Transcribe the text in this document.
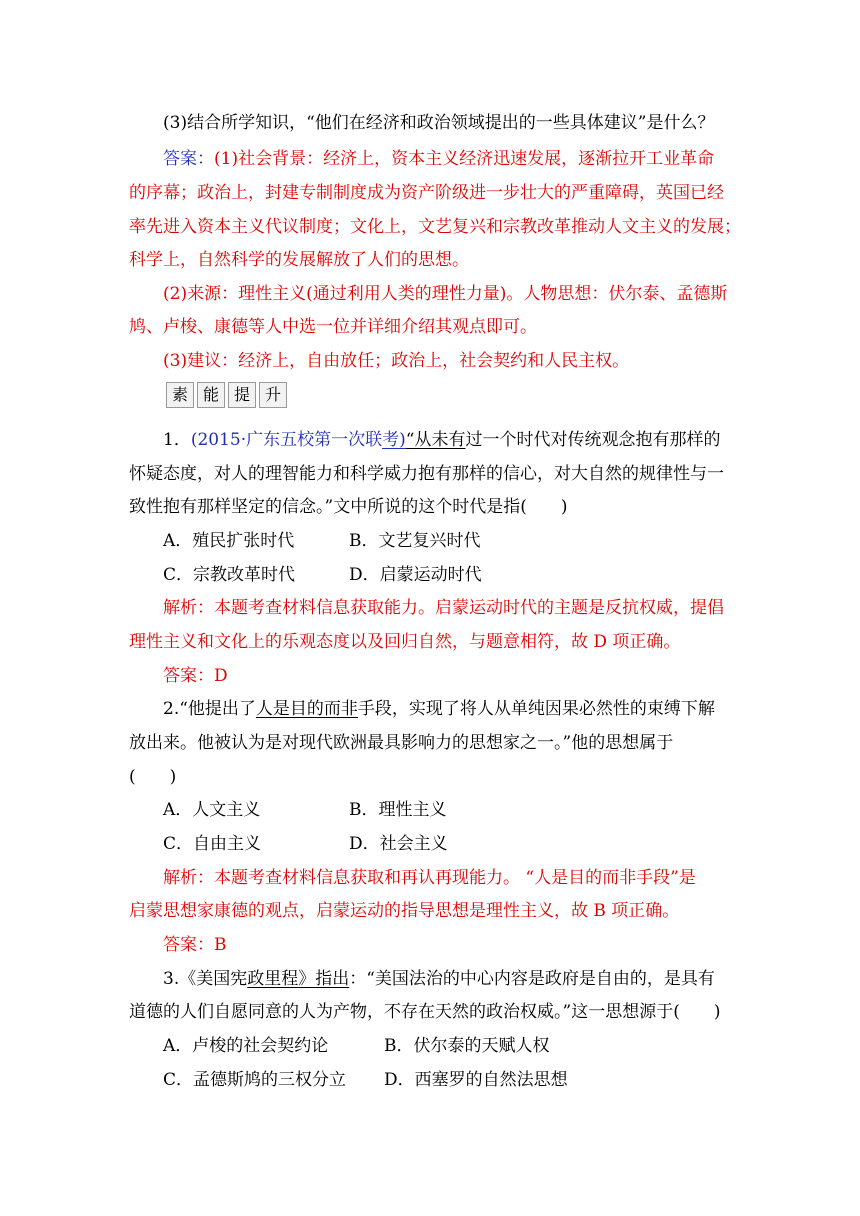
(3)结合所学知识，“他们在经济和政治领域提出的一些具体建议”是什么？
答案：(1)社会背景：经济上，资本主义经济迅速发展，逐渐拉开工业革命
的序幕；政治上，封建专制制度成为资产阶级进一步壮大的严重障碍，英国已经
率先进入资本主义代议制度；文化上，文艺复兴和宗教改革推动人文主义的发展；
科学上，自然科学的发展解放了人们的思想。
(2)来源：理性主义(通过利用人类的理性力量)。人物思想：伏尔泰、孟德斯
鸠、卢梭、康德等人中选一位并详细介绍其观点即可。
(3)建议：经济上，自由放任；政治上，社会契约和人民主权。
素 能 提 升
1．(2015·广东五校第一次联考)“从未有过一个时代对传统观念抱有那样的
怀疑态度，对人的理智能力和科学威力抱有那样的信心，对大自然的规律性与一
致性抱有那样坚定的信念。”文中所说的这个时代是指(　　)
A．殖民扩张时代	B．文艺复兴时代
C．宗教改革时代	D．启蒙运动时代
解析：本题考查材料信息获取能力。启蒙运动时代的主题是反抗权威，提倡
理性主义和文化上的乐观态度以及回归自然，与题意相符，故 D 项正确。
答案：D
2.“他提出了人是目的而非手段，实现了将人从单纯因果必然性的束缚下解
放出来。他被认为是对现代欧洲最具影响力的思想家之一。”他的思想属于
(　　)
A．人文主义	B．理性主义
C．自由主义	D．社会主义
解析：本题考查材料信息获取和再认再现能力。 “人是目的而非手段”是
启蒙思想家康德的观点，启蒙运动的指导思想是理性主义，故 B 项正确。
答案：B
3.《美国宪政里程》指出：“美国法治的中心内容是政府是自由的，是具有
道德的人们自愿同意的人为产物，不存在天然的政治权威。”这一思想源于(　　)
A．卢梭的社会契约论	B．伏尔泰的天赋人权
C．孟德斯鸠的三权分立 D．西塞罗的自然法思想
